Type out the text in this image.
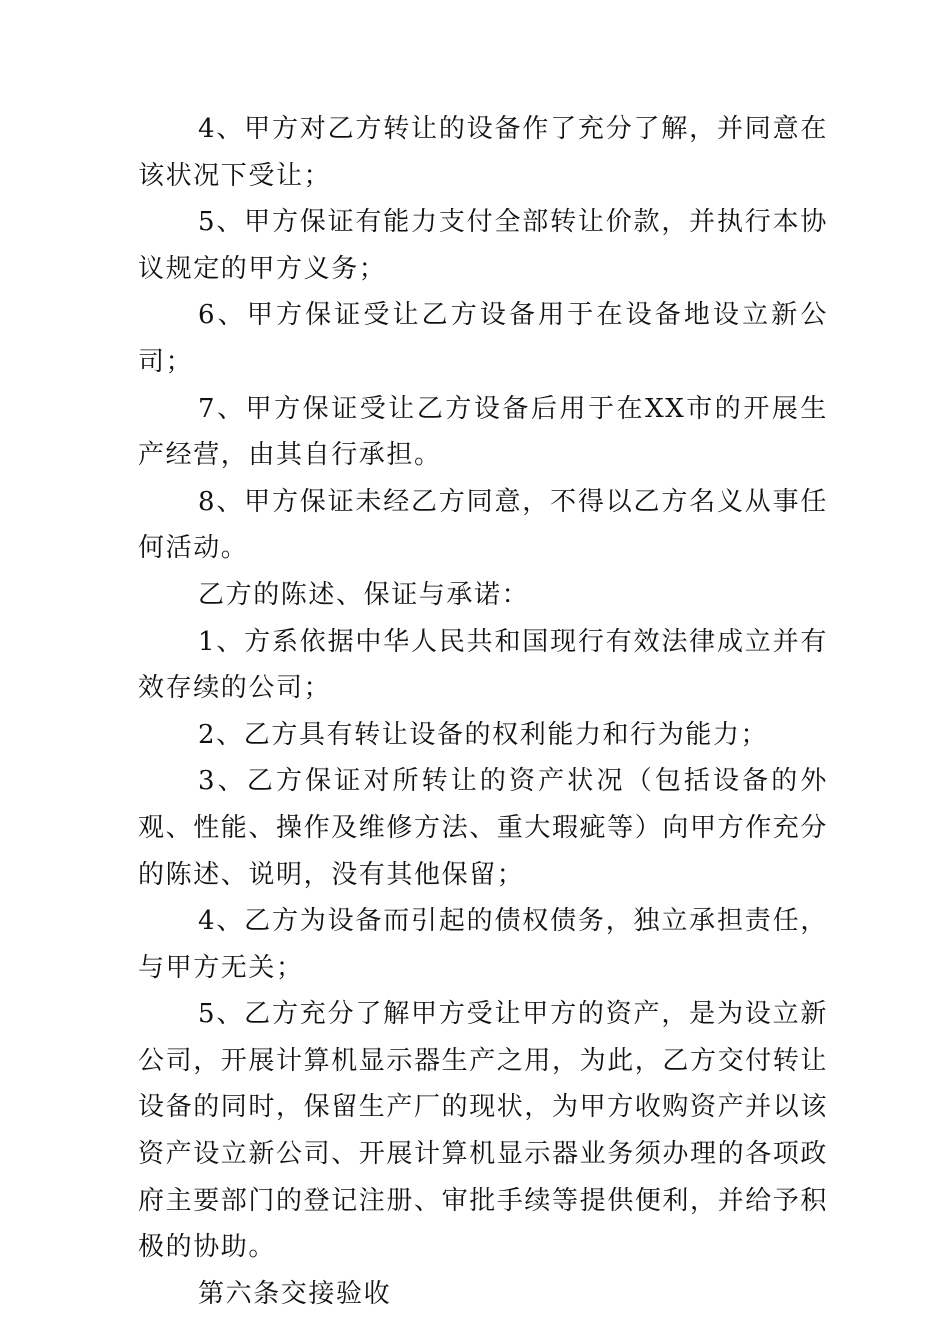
4、甲方对乙方转让的设备作了充分了解，并同意在该状况下受让；

5、甲方保证有能力支付全部转让价款，并执行本协议规定的甲方义务；

6、甲方保证受让乙方设备用于在设备地设立新公司；

7、甲方保证受让乙方设备后用于在XX市的开展生产经营，由其自行承担。

8、甲方保证未经乙方同意，不得以乙方名义从事任何活动。

乙方的陈述、保证与承诺：

1、方系依据中华人民共和国现行有效法律成立并有效存续的公司；

2、乙方具有转让设备的权利能力和行为能力；

3、乙方保证对所转让的资产状况（包括设备的外观、性能、操作及维修方法、重大瑕疵等）向甲方作充分的陈述、说明，没有其他保留；

4、乙方为设备而引起的债权债务，独立承担责任，与甲方无关；

5、乙方充分了解甲方受让甲方的资产，是为设立新公司，开展计算机显示器生产之用，为此，乙方交付转让设备的同时，保留生产厂的现状，为甲方收购资产并以该资产设立新公司、开展计算机显示器业务须办理的各项政府主要部门的登记注册、审批手续等提供便利，并给予积极的协助。

第六条交接验收
